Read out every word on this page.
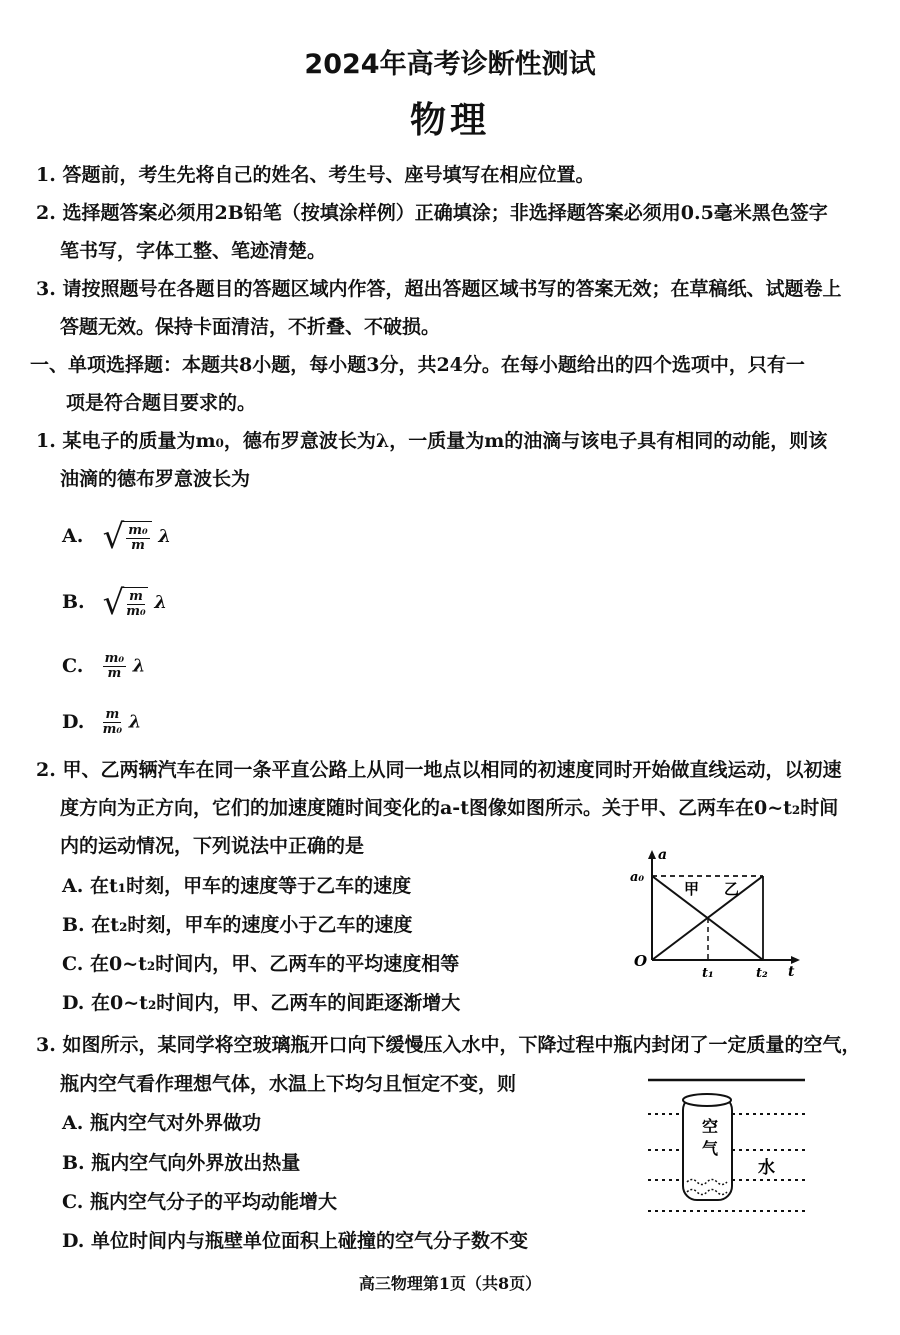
2024年高考诊断性测试
物理
1. 答题前，考生先将自己的姓名、考生号、座号填写在相应位置。
2. 选择题答案必须用2B铅笔（按填涂样例）正确填涂；非选择题答案必须用0.5毫米黑色签字
笔书写，字体工整、笔迹清楚。
3. 请按照题号在各题目的答题区域内作答，超出答题区域书写的答案无效；在草稿纸、试题卷上
答题无效。保持卡面清洁，不折叠、不破损。
一、单项选择题：本题共8小题，每小题3分，共24分。在每小题给出的四个选项中，只有一
项是符合题目要求的。
1. 某电子的质量为m₀，德布罗意波长为λ，一质量为m的油滴与该电子具有相同的动能，则该
油滴的德布罗意波长为
A. √ $\frac{\text{m₀}}{m}$ λ
B. √ $\frac{m}{\text{m₀}}$ λ
C. $\frac{\text{m₀}}{m}$ λ
D. $\frac{m}{\text{m₀}}$ λ
2. 甲、乙两辆汽车在同一条平直公路上从同一地点以相同的初速度同时开始做直线运动，以初速
度方向为正方向，它们的加速度随时间变化的a-t图像如图所示。关于甲、乙两车在0~t₂时间
内的运动情况，下列说法中正确的是
A. 在t₁时刻，甲车的速度等于乙车的速度
B. 在t₂时刻，甲车的速度小于乙车的速度
C. 在0~t₂时间内，甲、乙两车的平均速度相等
D. 在0~t₂时间内，甲、乙两车的间距逐渐增大
a
a₀
O
甲 乙
t₁	t₂ t
3. 如图所示，某同学将空玻璃瓶开口向下缓慢压入水中，下降过程中瓶内封闭了一定质量的空气，
瓶内空气看作理想气体，水温上下均匀且恒定不变，则
A. 瓶内空气对外界做功
B. 瓶内空气向外界放出热量
C. 瓶内空气分子的平均动能增大
D. 单位时间内与瓶壁单位面积上碰撞的空气分子数不变
空
气
水
高三物理第1页（共8页）
